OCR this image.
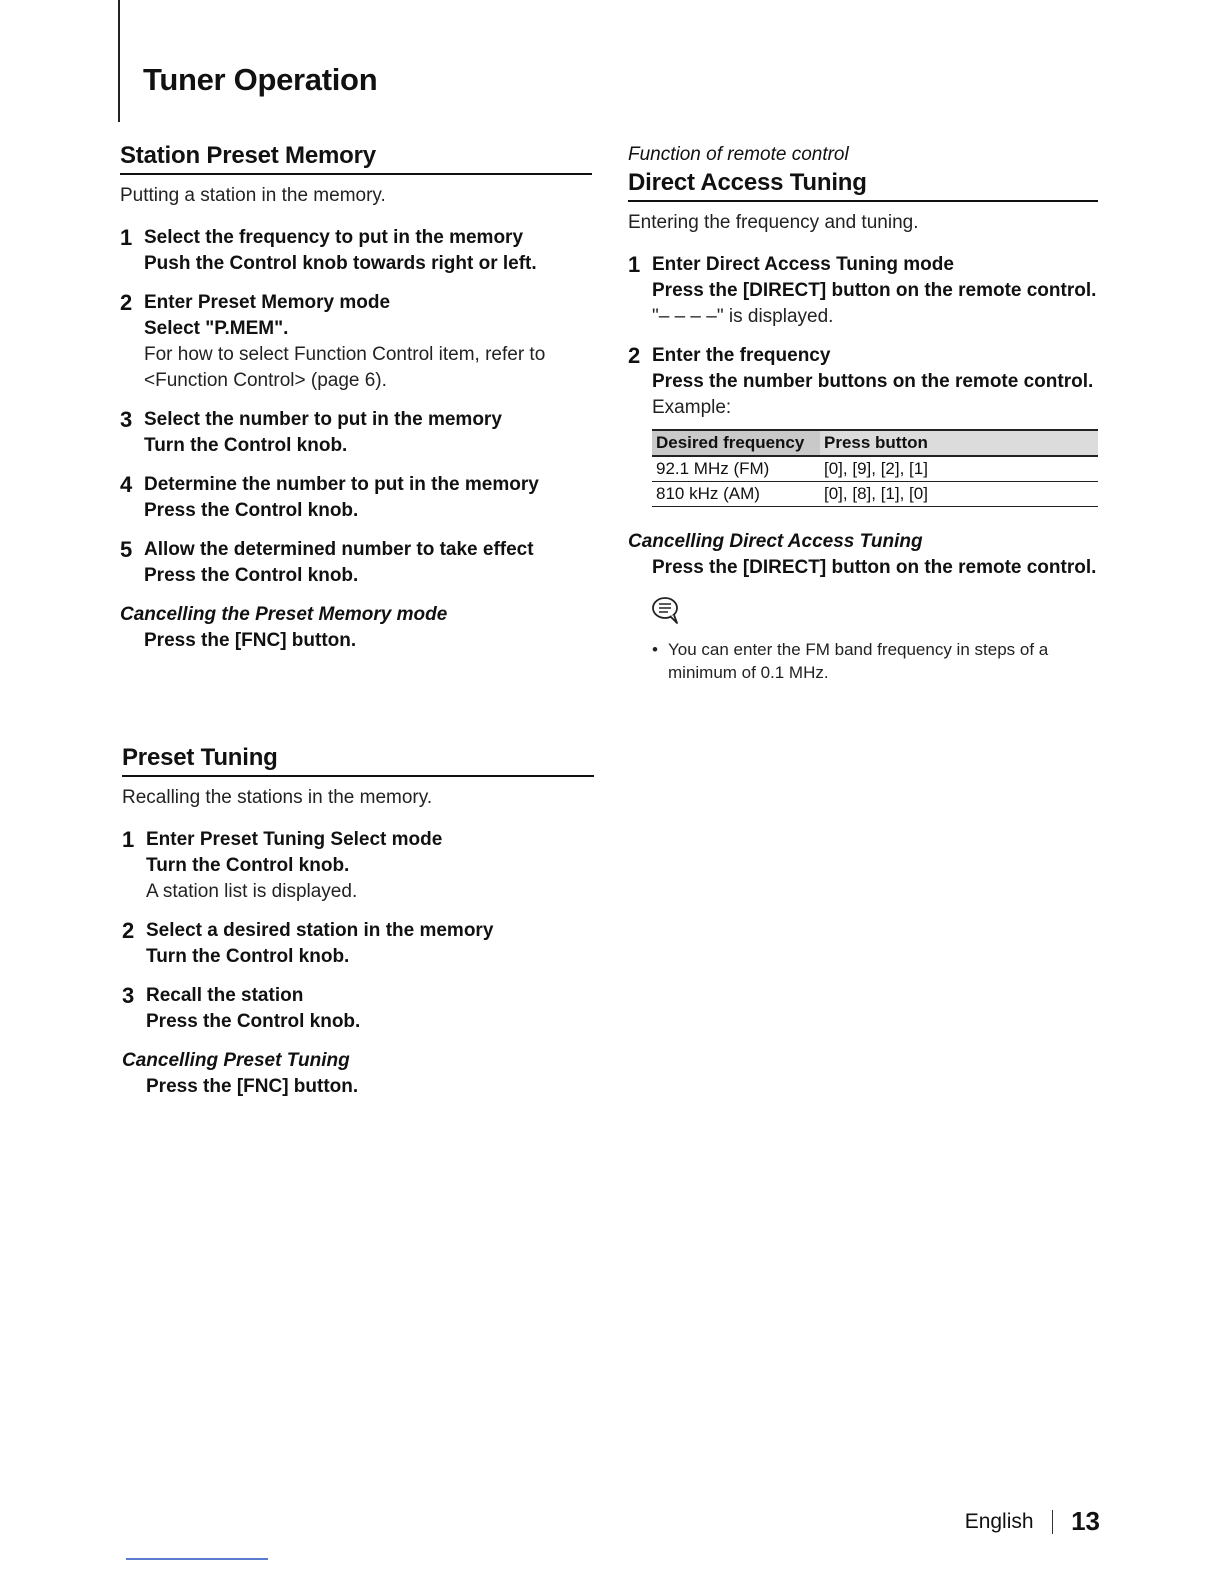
Tuner Operation
Station Preset Memory
Putting a station in the memory.
1 Select the frequency to put in the memory
Push the Control knob towards right or left.
2 Enter Preset Memory mode
Select "P.MEM".
For how to select Function Control item, refer to <Function Control> (page 6).
3 Select the number to put in the memory
Turn the Control knob.
4 Determine the number to put in the memory
Press the Control knob.
5 Allow the determined number to take effect
Press the Control knob.
Cancelling the Preset Memory mode
Press the [FNC] button.
Preset Tuning
Recalling the stations in the memory.
1 Enter Preset Tuning Select mode
Turn the Control knob.
A station list is displayed.
2 Select a desired station in the memory
Turn the Control knob.
3 Recall the station
Press the Control knob.
Cancelling Preset Tuning
Press the [FNC] button.
Function of remote control
Direct Access Tuning
Entering the frequency and tuning.
1 Enter Direct Access Tuning mode
Press the [DIRECT] button on the remote control.
"– – – –" is displayed.
2 Enter the frequency
Press the number buttons on the remote control.
Example:
Desired frequency	Press button
92.1 MHz (FM)	[0], [9], [2], [1]
810 kHz (AM)	[0], [8], [1], [0]
Cancelling Direct Access Tuning
Press the [DIRECT] button on the remote control.
• You can enter the FM band frequency in steps of a minimum of 0.1 MHz.
English 13
